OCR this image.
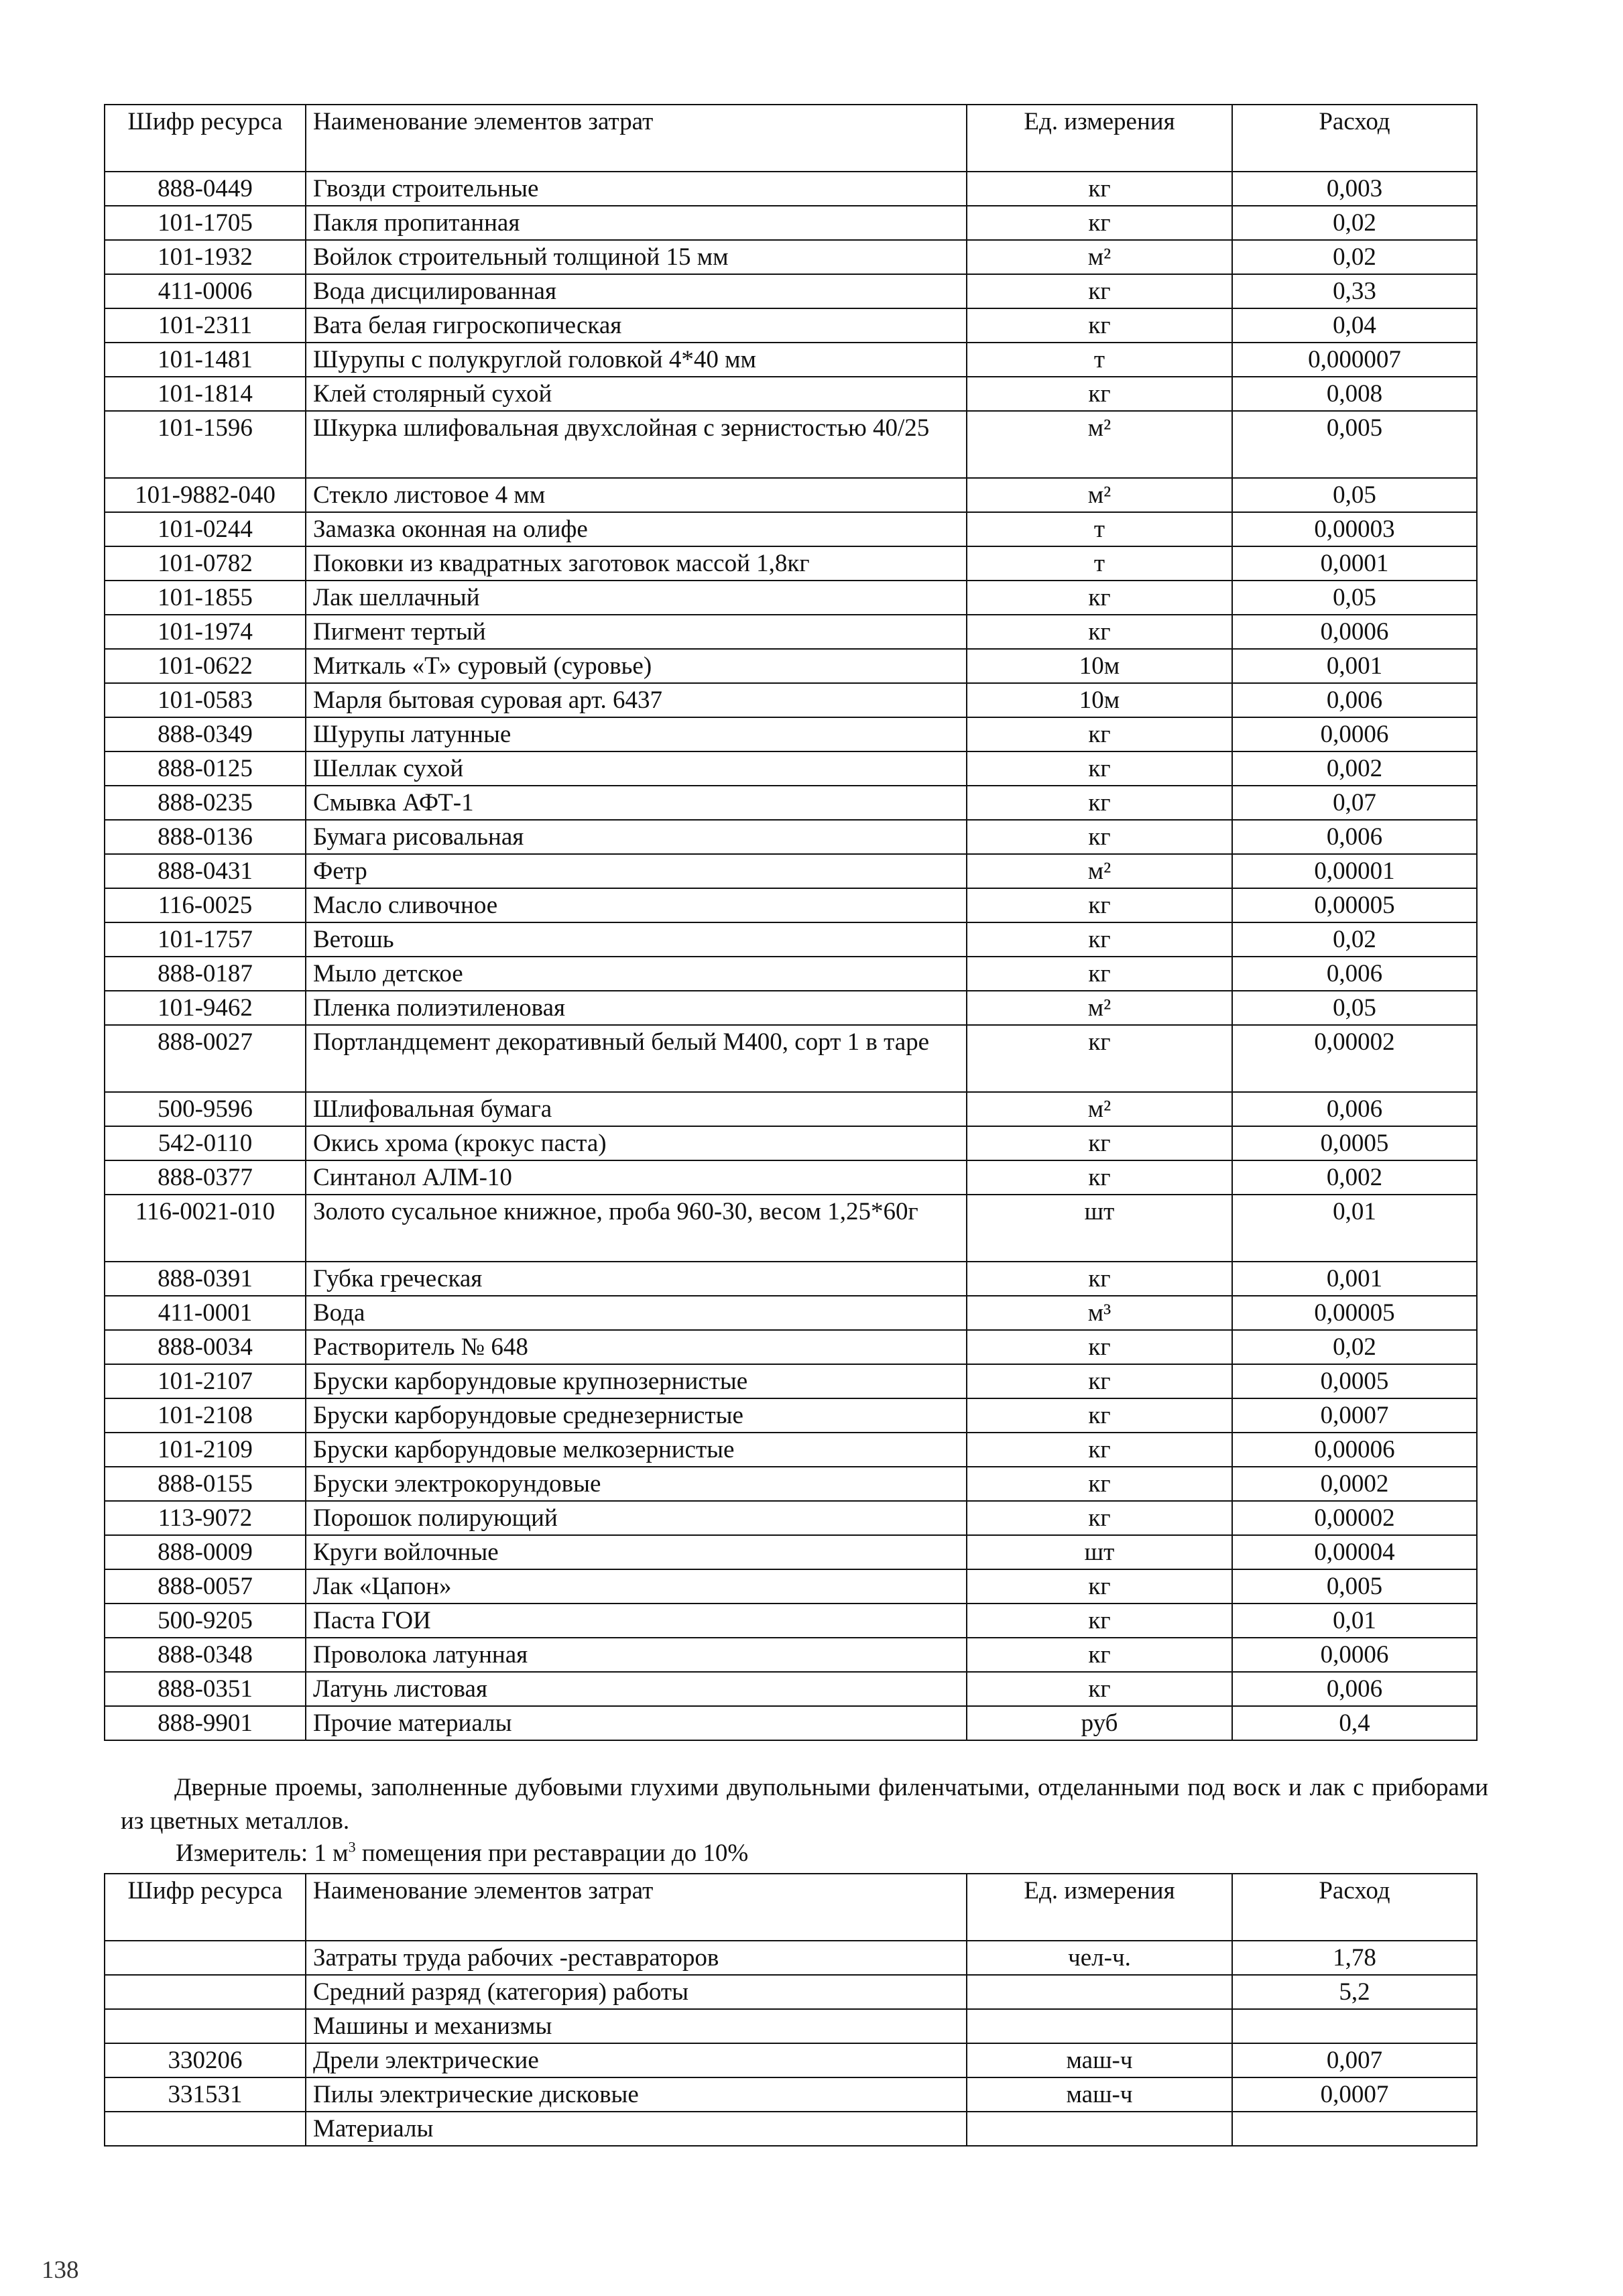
Шифр ресурса	Наименование элементов затрат	Ед. измерения	Расход
888-0449	Гвозди строительные	кг	0,003
101-1705	Пакля пропитанная	кг	0,02
101-1932	Войлок строительный толщиной 15 мм	м²	0,02
411-0006	Вода дисцилированная	кг	0,33
101-2311	Вата белая гигроскопическая	кг	0,04
101-1481	Шурупы с полукруглой головкой 4*40 мм	т	0,000007
101-1814	Клей столярный сухой	кг	0,008
101-1596	Шкурка шлифовальная двухслойная с зернистостью 40/25	м²	0,005
101-9882-040	Стекло листовое 4 мм	м²	0,05
101-0244	Замазка оконная на олифе	т	0,00003
101-0782	Поковки из квадратных заготовок массой 1,8кг	т	0,0001
101-1855	Лак шеллачный	кг	0,05
101-1974	Пигмент тертый	кг	0,0006
101-0622	Миткаль «Т» суровый (суровье)	10м	0,001
101-0583	Марля бытовая суровая арт. 6437	10м	0,006
888-0349	Шурупы латунные	кг	0,0006
888-0125	Шеллак сухой	кг	0,002
888-0235	Смывка АФТ-1	кг	0,07
888-0136	Бумага рисовальная	кг	0,006
888-0431	Фетр	м²	0,00001
116-0025	Масло сливочное	кг	0,00005
101-1757	Ветошь	кг	0,02
888-0187	Мыло детское	кг	0,006
101-9462	Пленка полиэтиленовая	м²	0,05
888-0027	Портландцемент декоративный белый М400, сорт 1 в таре	кг	0,00002
500-9596	Шлифовальная бумага	м²	0,006
542-0110	Окись хрома (крокус паста)	кг	0,0005
888-0377	Синтанол АЛМ-10	кг	0,002
116-0021-010	Золото сусальное книжное, проба 960-30, весом 1,25*60г	шт	0,01
888-0391	Губка греческая	кг	0,001
411-0001	Вода	м³	0,00005
888-0034	Растворитель № 648	кг	0,02
101-2107	Бруски карборундовые крупнозернистые	кг	0,0005
101-2108	Бруски карборундовые среднезернистые	кг	0,0007
101-2109	Бруски карборундовые мелкозернистые	кг	0,00006
888-0155	Бруски электрокорундовые	кг	0,0002
113-9072	Порошок полирующий	кг	0,00002
888-0009	Круги войлочные	шт	0,00004
888-0057	Лак «Цапон»	кг	0,005
500-9205	Паста ГОИ	кг	0,01
888-0348	Проволока латунная	кг	0,0006
888-0351	Латунь листовая	кг	0,006
888-9901	Прочие материалы	руб	0,4
Дверные проемы, заполненные дубовыми глухими двупольными филенчатыми, отделанными под воск и лак с приборами из цветных металлов.
Измеритель: 1 $м^3$ помещения при реставрации до 10%
Шифр ресурса	Наименование элементов затрат	Ед. измерения	Расход
	Затраты труда рабочих -реставраторов	чел-ч.	1,78
	Средний разряд (категория) работы		5,2
	Машины и механизмы		
330206	Дрели электрические	маш-ч	0,007
331531	Пилы электрические дисковые	маш-ч	0,0007
	Материалы		
138
